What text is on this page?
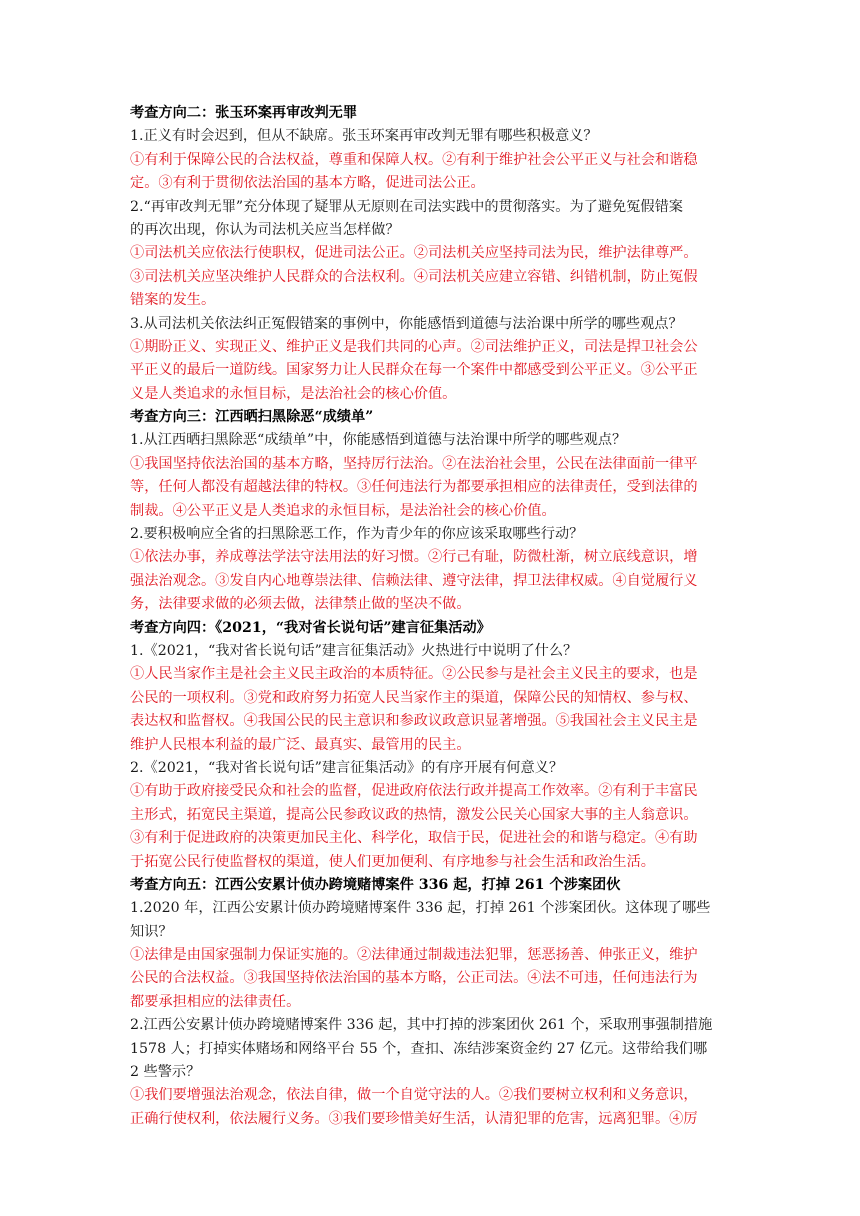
考查方向二：张玉环案再审改判无罪
1.正义有时会迟到，但从不缺席。张玉环案再审改判无罪有哪些积极意义？
①有利于保障公民的合法权益，尊重和保障人权。②有利于维护社会公平正义与社会和谐稳
定。③有利于贯彻依法治国的基本方略，促进司法公正。
2.“再审改判无罪”充分体现了疑罪从无原则在司法实践中的贯彻落实。为了避免冤假错案
的再次出现，你认为司法机关应当怎样做？
①司法机关应依法行使职权，促进司法公正。②司法机关应坚持司法为民，维护法律尊严。
③司法机关应坚决维护人民群众的合法权利。④司法机关应建立容错、纠错机制，防止冤假
错案的发生。
3.从司法机关依法纠正冤假错案的事例中，你能感悟到道德与法治课中所学的哪些观点？
①期盼正义、实现正义、维护正义是我们共同的心声。②司法维护正义，司法是捍卫社会公
平正义的最后一道防线。国家努力让人民群众在每一个案件中都感受到公平正义。③公平正
义是人类追求的永恒目标，是法治社会的核心价值。
考查方向三：江西晒扫黑除恶“成绩单”
1.从江西晒扫黑除恶“成绩单”中，你能感悟到道德与法治课中所学的哪些观点？
①我国坚持依法治国的基本方略，坚持厉行法治。②在法治社会里，公民在法律面前一律平
等，任何人都没有超越法律的特权。③任何违法行为都要承担相应的法律责任，受到法律的
制裁。④公平正义是人类追求的永恒目标，是法治社会的核心价值。
2.要积极响应全省的扫黑除恶工作，作为青少年的你应该采取哪些行动？
①依法办事，养成尊法学法守法用法的好习惯。②行己有耻，防微杜渐，树立底线意识，增
强法治观念。③发自内心地尊崇法律、信赖法律、遵守法律，捍卫法律权威。④自觉履行义
务，法律要求做的必须去做，法律禁止做的坚决不做。
考查方向四：《2021，“我对省长说句话”建言征集活动》
1.《2021，“我对省长说句话”建言征集活动》火热进行中说明了什么？
①人民当家作主是社会主义民主政治的本质特征。②公民参与是社会主义民主的要求，也是
公民的一项权利。③党和政府努力拓宽人民当家作主的渠道，保障公民的知情权、参与权、
表达权和监督权。④我国公民的民主意识和参政议政意识显著增强。⑤我国社会主义民主是
维护人民根本利益的最广泛、最真实、最管用的民主。
2.《2021，“我对省长说句话”建言征集活动》的有序开展有何意义？
①有助于政府接受民众和社会的监督，促进政府依法行政并提高工作效率。②有利于丰富民
主形式，拓宽民主渠道，提高公民参政议政的热情，激发公民关心国家大事的主人翁意识。
③有利于促进政府的决策更加民主化、科学化，取信于民，促进社会的和谐与稳定。④有助
于拓宽公民行使监督权的渠道，使人们更加便利、有序地参与社会生活和政治生活。
考查方向五：江西公安累计侦办跨境赌博案件 336 起，打掉 261 个涉案团伙
1.2020 年，江西公安累计侦办跨境赌博案件 336 起，打掉 261 个涉案团伙。这体现了哪些
知识？
①法律是由国家强制力保证实施的。②法律通过制裁违法犯罪，惩恶扬善、伸张正义，维护
公民的合法权益。③我国坚持依法治国的基本方略，公正司法。④法不可违，任何违法行为
都要承担相应的法律责任。
2.江西公安累计侦办跨境赌博案件 336 起，其中打掉的涉案团伙 261 个，采取刑事强制措施
1578 人；打掉实体赌场和网络平台 55 个，查扣、冻结涉案资金约 27 亿元。这带给我们哪
2 些警示？
①我们要增强法治观念，依法自律，做一个自觉守法的人。②我们要树立权利和义务意识，
正确行使权利，依法履行义务。③我们要珍惜美好生活，认清犯罪的危害，远离犯罪。④厉
